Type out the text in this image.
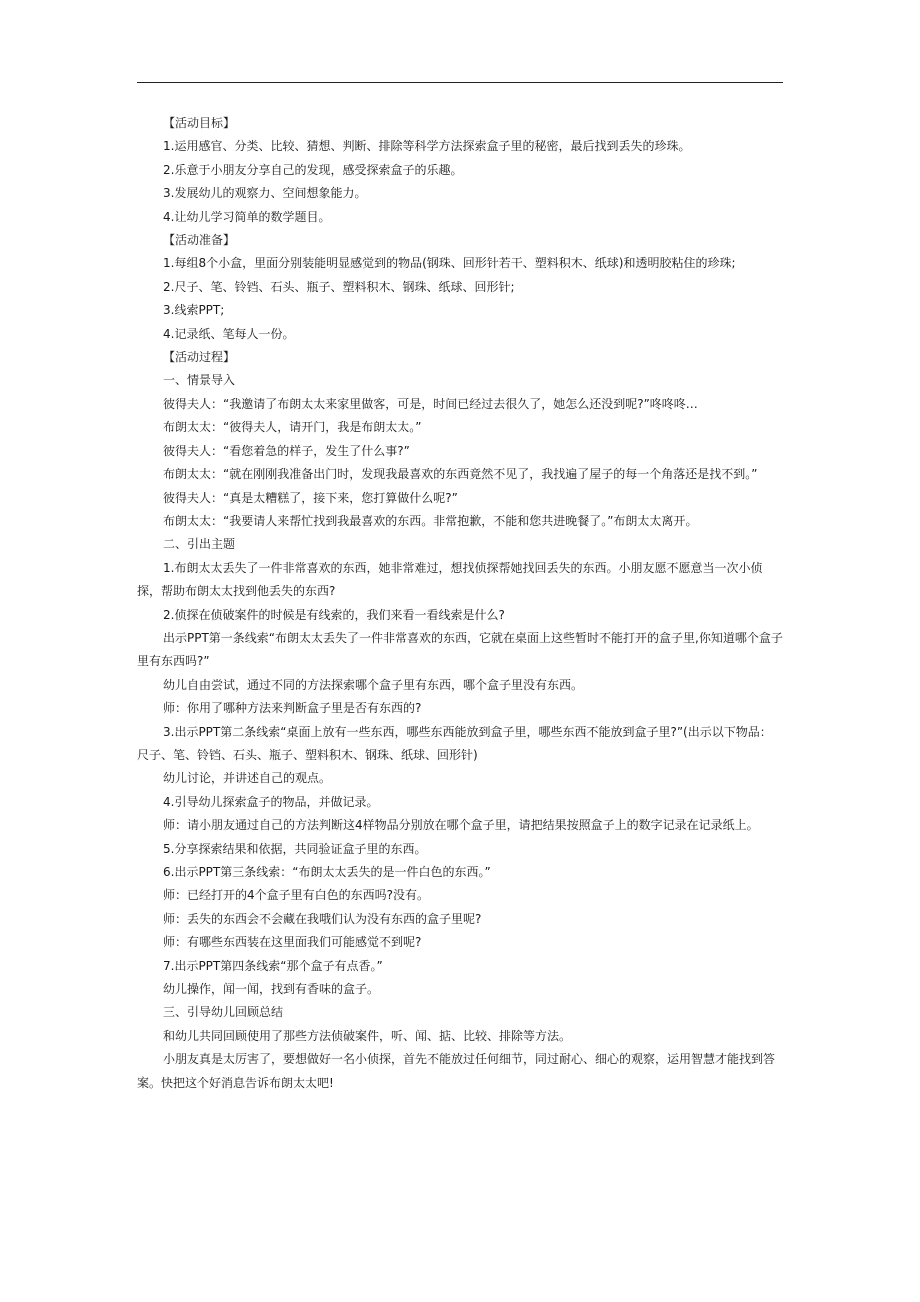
【活动目标】

1.运用感官、分类、比较、猜想、判断、排除等科学方法探索盒子里的秘密，最后找到丢失的珍珠。

2.乐意于小朋友分享自己的发现，感受探索盒子的乐趣。

3.发展幼儿的观察力、空间想象能力。

4.让幼儿学习简单的数学题目。

【活动准备】

1.每组8个小盒，里面分别装能明显感觉到的物品(钢珠、回形针若干、塑料积木、纸球)和透明胶粘住的珍珠;

2.尺子、笔、铃铛、石头、瓶子、塑料积木、钢珠、纸球、回形针;

3.线索PPT;

4.记录纸、笔每人一份。

【活动过程】

一、情景导入

彼得夫人：“我邀请了布朗太太来家里做客，可是，时间已经过去很久了，她怎么还没到呢?”咚咚咚…

布朗太太：“彼得夫人，请开门，我是布朗太太。”

彼得夫人：“看您着急的样子，发生了什么事?”

布朗太太：“就在刚刚我准备出门时，发现我最喜欢的东西竟然不见了，我找遍了屋子的每一个角落还是找不到。”

彼得夫人：“真是太糟糕了，接下来，您打算做什么呢?”

布朗太太：“我要请人来帮忙找到我最喜欢的东西。非常抱歉，不能和您共进晚餐了。”布朗太太离开。

二、引出主题

1.布朗太太丢失了一件非常喜欢的东西，她非常难过，想找侦探帮她找回丢失的东西。小朋友愿不愿意当一次小侦探，帮助布朗太太找到他丢失的东西?

2.侦探在侦破案件的时候是有线索的，我们来看一看线索是什么?

出示PPT第一条线索“布朗太太丢失了一件非常喜欢的东西，它就在桌面上这些暂时不能打开的盒子里,你知道哪个盒子里有东西吗?”

幼儿自由尝试，通过不同的方法探索哪个盒子里有东西，哪个盒子里没有东西。

师：你用了哪种方法来判断盒子里是否有东西的?

3.出示PPT第二条线索“桌面上放有一些东西，哪些东西能放到盒子里，哪些东西不能放到盒子里?”(出示以下物品：尺子、笔、铃铛、石头、瓶子、塑料积木、钢珠、纸球、回形针)

幼儿讨论，并讲述自己的观点。

4.引导幼儿探索盒子的物品，并做记录。

师：请小朋友通过自己的方法判断这4样物品分别放在哪个盒子里，请把结果按照盒子上的数字记录在记录纸上。

5.分享探索结果和依据，共同验证盒子里的东西。

6.出示PPT第三条线索：“布朗太太丢失的是一件白色的东西。”

师：已经打开的4个盒子里有白色的东西吗?没有。

师：丢失的东西会不会藏在我哦们认为没有东西的盒子里呢?

师：有哪些东西装在这里面我们可能感觉不到呢?

7.出示PPT第四条线索“那个盒子有点香。”

幼儿操作，闻一闻，找到有香味的盒子。

三、引导幼儿回顾总结

和幼儿共同回顾使用了那些方法侦破案件，听、闻、掂、比较、排除等方法。

小朋友真是太厉害了，要想做好一名小侦探，首先不能放过任何细节，同过耐心、细心的观察，运用智慧才能找到答案。快把这个好消息告诉布朗太太吧!
